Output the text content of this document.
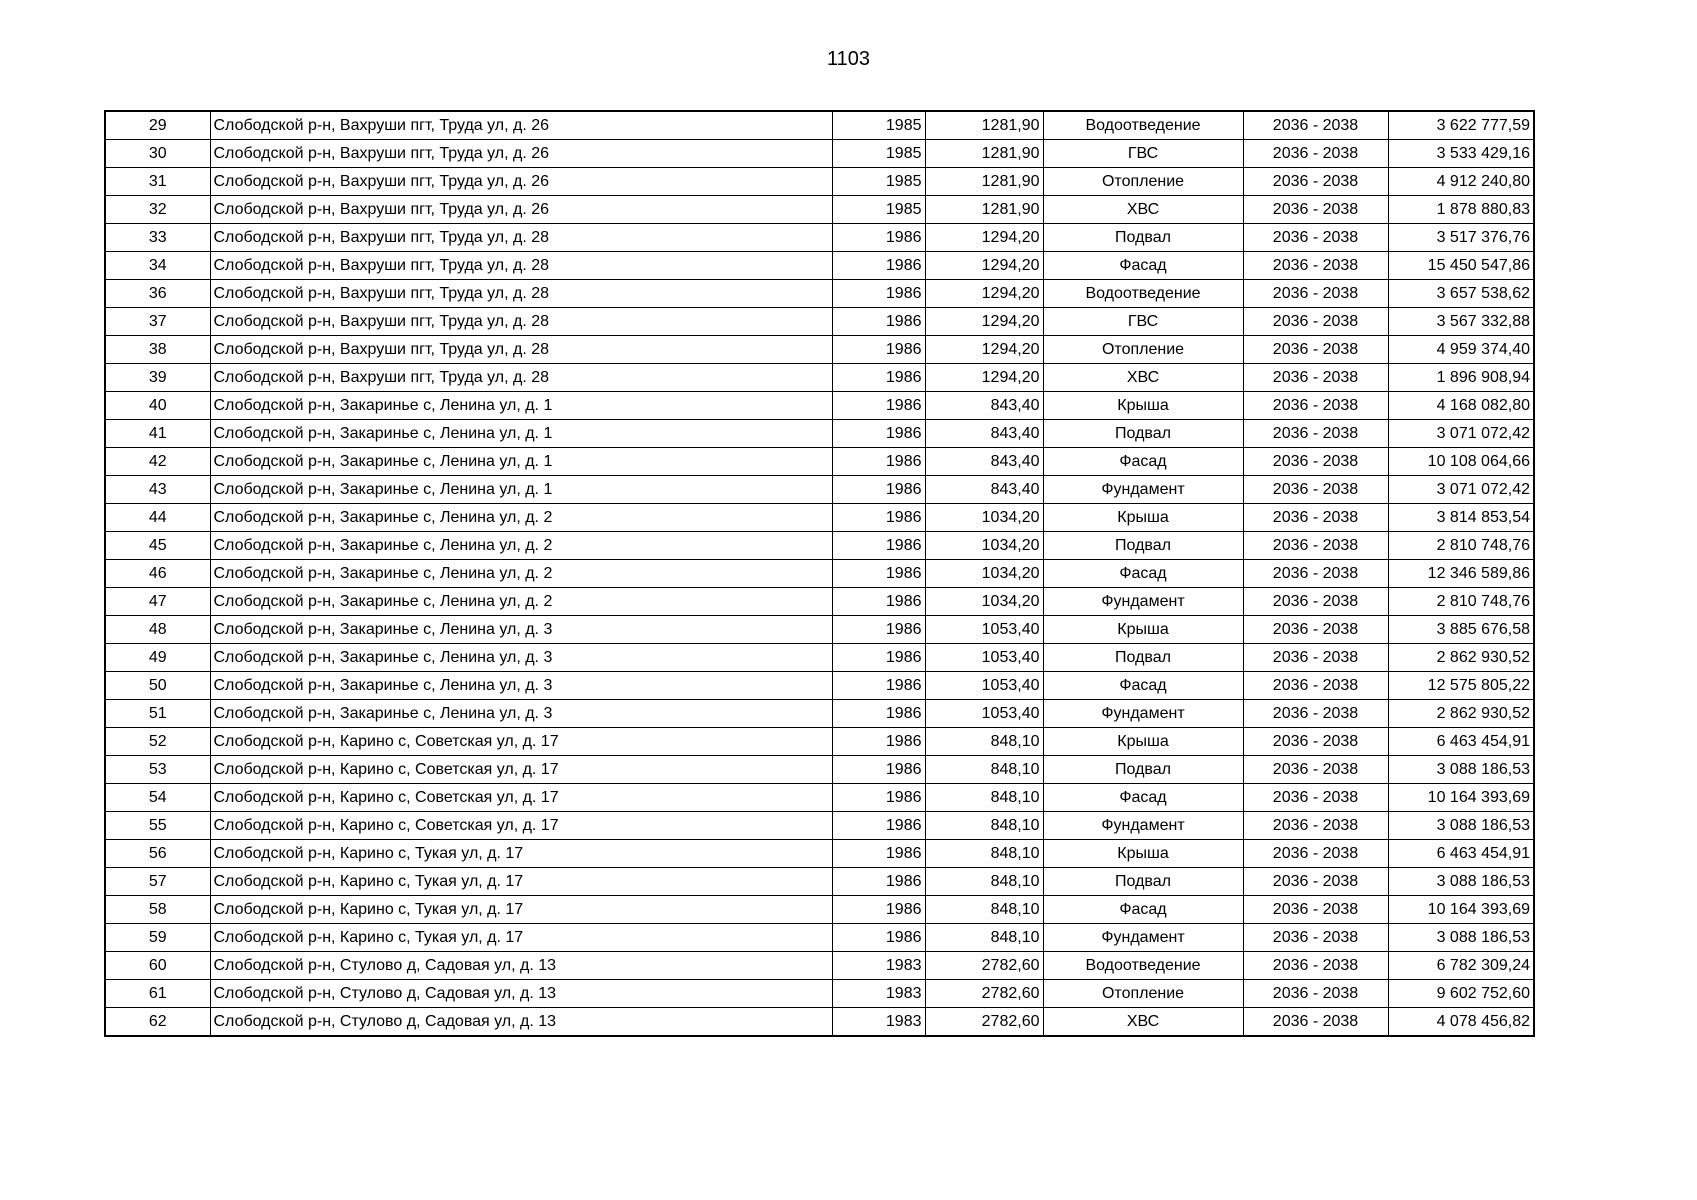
1103
29	Слободской р-н, Вахруши пгт, Труда ул, д. 26	1985	1281,90	Водоотведение	2036 - 2038	3 622 777,59
30	Слободской р-н, Вахруши пгт, Труда ул, д. 26	1985	1281,90	ГВС	2036 - 2038	3 533 429,16
31	Слободской р-н, Вахруши пгт, Труда ул, д. 26	1985	1281,90	Отопление	2036 - 2038	4 912 240,80
32	Слободской р-н, Вахруши пгт, Труда ул, д. 26	1985	1281,90	ХВС	2036 - 2038	1 878 880,83
33	Слободской р-н, Вахруши пгт, Труда ул, д. 28	1986	1294,20	Подвал	2036 - 2038	3 517 376,76
34	Слободской р-н, Вахруши пгт, Труда ул, д. 28	1986	1294,20	Фасад	2036 - 2038	15 450 547,86
36	Слободской р-н, Вахруши пгт, Труда ул, д. 28	1986	1294,20	Водоотведение	2036 - 2038	3 657 538,62
37	Слободской р-н, Вахруши пгт, Труда ул, д. 28	1986	1294,20	ГВС	2036 - 2038	3 567 332,88
38	Слободской р-н, Вахруши пгт, Труда ул, д. 28	1986	1294,20	Отопление	2036 - 2038	4 959 374,40
39	Слободской р-н, Вахруши пгт, Труда ул, д. 28	1986	1294,20	ХВС	2036 - 2038	1 896 908,94
40	Слободской р-н, Закаринье с, Ленина ул, д. 1	1986	843,40	Крыша	2036 - 2038	4 168 082,80
41	Слободской р-н, Закаринье с, Ленина ул, д. 1	1986	843,40	Подвал	2036 - 2038	3 071 072,42
42	Слободской р-н, Закаринье с, Ленина ул, д. 1	1986	843,40	Фасад	2036 - 2038	10 108 064,66
43	Слободской р-н, Закаринье с, Ленина ул, д. 1	1986	843,40	Фундамент	2036 - 2038	3 071 072,42
44	Слободской р-н, Закаринье с, Ленина ул, д. 2	1986	1034,20	Крыша	2036 - 2038	3 814 853,54
45	Слободской р-н, Закаринье с, Ленина ул, д. 2	1986	1034,20	Подвал	2036 - 2038	2 810 748,76
46	Слободской р-н, Закаринье с, Ленина ул, д. 2	1986	1034,20	Фасад	2036 - 2038	12 346 589,86
47	Слободской р-н, Закаринье с, Ленина ул, д. 2	1986	1034,20	Фундамент	2036 - 2038	2 810 748,76
48	Слободской р-н, Закаринье с, Ленина ул, д. 3	1986	1053,40	Крыша	2036 - 2038	3 885 676,58
49	Слободской р-н, Закаринье с, Ленина ул, д. 3	1986	1053,40	Подвал	2036 - 2038	2 862 930,52
50	Слободской р-н, Закаринье с, Ленина ул, д. 3	1986	1053,40	Фасад	2036 - 2038	12 575 805,22
51	Слободской р-н, Закаринье с, Ленина ул, д. 3	1986	1053,40	Фундамент	2036 - 2038	2 862 930,52
52	Слободской р-н, Карино с, Советская ул, д. 17	1986	848,10	Крыша	2036 - 2038	6 463 454,91
53	Слободской р-н, Карино с, Советская ул, д. 17	1986	848,10	Подвал	2036 - 2038	3 088 186,53
54	Слободской р-н, Карино с, Советская ул, д. 17	1986	848,10	Фасад	2036 - 2038	10 164 393,69
55	Слободской р-н, Карино с, Советская ул, д. 17	1986	848,10	Фундамент	2036 - 2038	3 088 186,53
56	Слободской р-н, Карино с, Тукая ул, д. 17	1986	848,10	Крыша	2036 - 2038	6 463 454,91
57	Слободской р-н, Карино с, Тукая ул, д. 17	1986	848,10	Подвал	2036 - 2038	3 088 186,53
58	Слободской р-н, Карино с, Тукая ул, д. 17	1986	848,10	Фасад	2036 - 2038	10 164 393,69
59	Слободской р-н, Карино с, Тукая ул, д. 17	1986	848,10	Фундамент	2036 - 2038	3 088 186,53
60	Слободской р-н, Стулово д, Садовая ул, д. 13	1983	2782,60	Водоотведение	2036 - 2038	6 782 309,24
61	Слободской р-н, Стулово д, Садовая ул, д. 13	1983	2782,60	Отопление	2036 - 2038	9 602 752,60
62	Слободской р-н, Стулово д, Садовая ул, д. 13	1983	2782,60	ХВС	2036 - 2038	4 078 456,82
